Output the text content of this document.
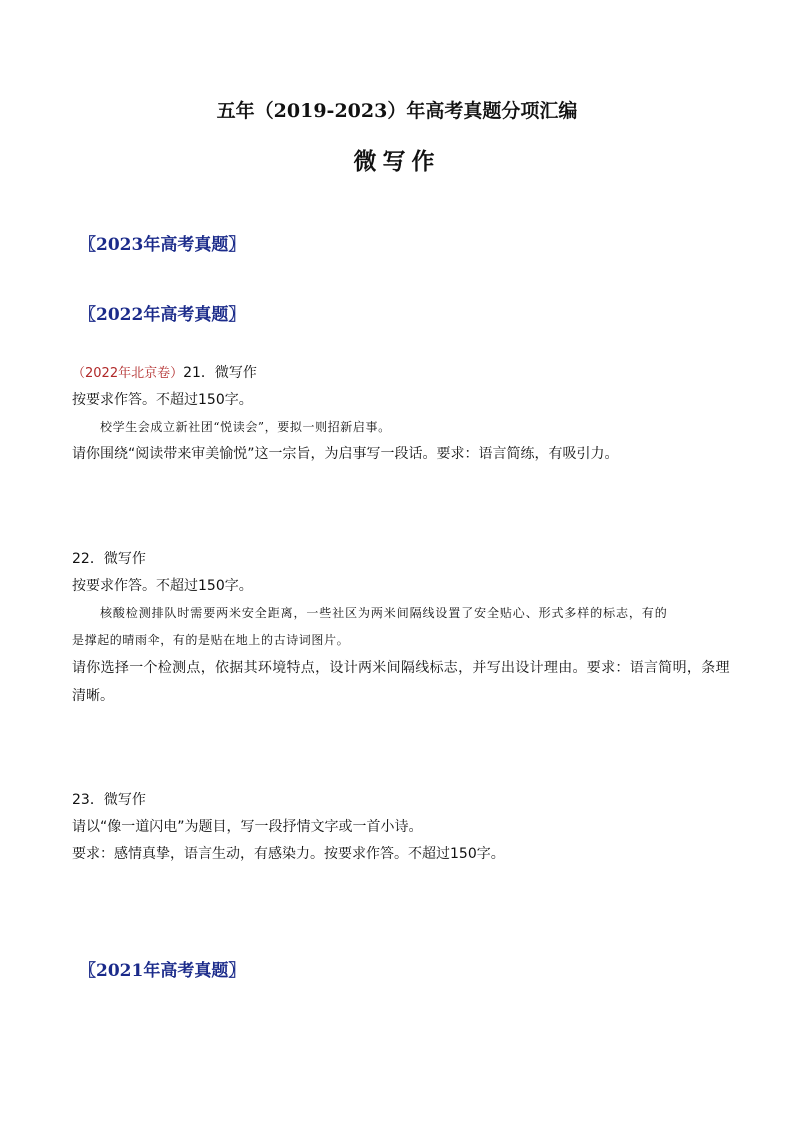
五年（2019-2023）年高考真题分项汇编
微写作
〖2023年高考真题〗
〖2022年高考真题〗
（2022年北京卷）21．微写作
按要求作答。不超过150字。
校学生会成立新社团“悦读会”，要拟一则招新启事。
请你围绕“阅读带来审美愉悦”这一宗旨，为启事写一段话。要求：语言简练，有吸引力。
22．微写作
按要求作答。不超过150字。
核酸检测排队时需要两米安全距离，一些社区为两米间隔线设置了安全贴心、形式多样的标志，有的
是撑起的晴雨伞，有的是贴在地上的古诗词图片。
请你选择一个检测点，依据其环境特点，设计两米间隔线标志，并写出设计理由。要求：语言简明，条理
清晰。
23．微写作
请以“像一道闪电”为题目，写一段抒情文字或一首小诗。
要求：感情真挚，语言生动，有感染力。按要求作答。不超过150字。
〖2021年高考真题〗
